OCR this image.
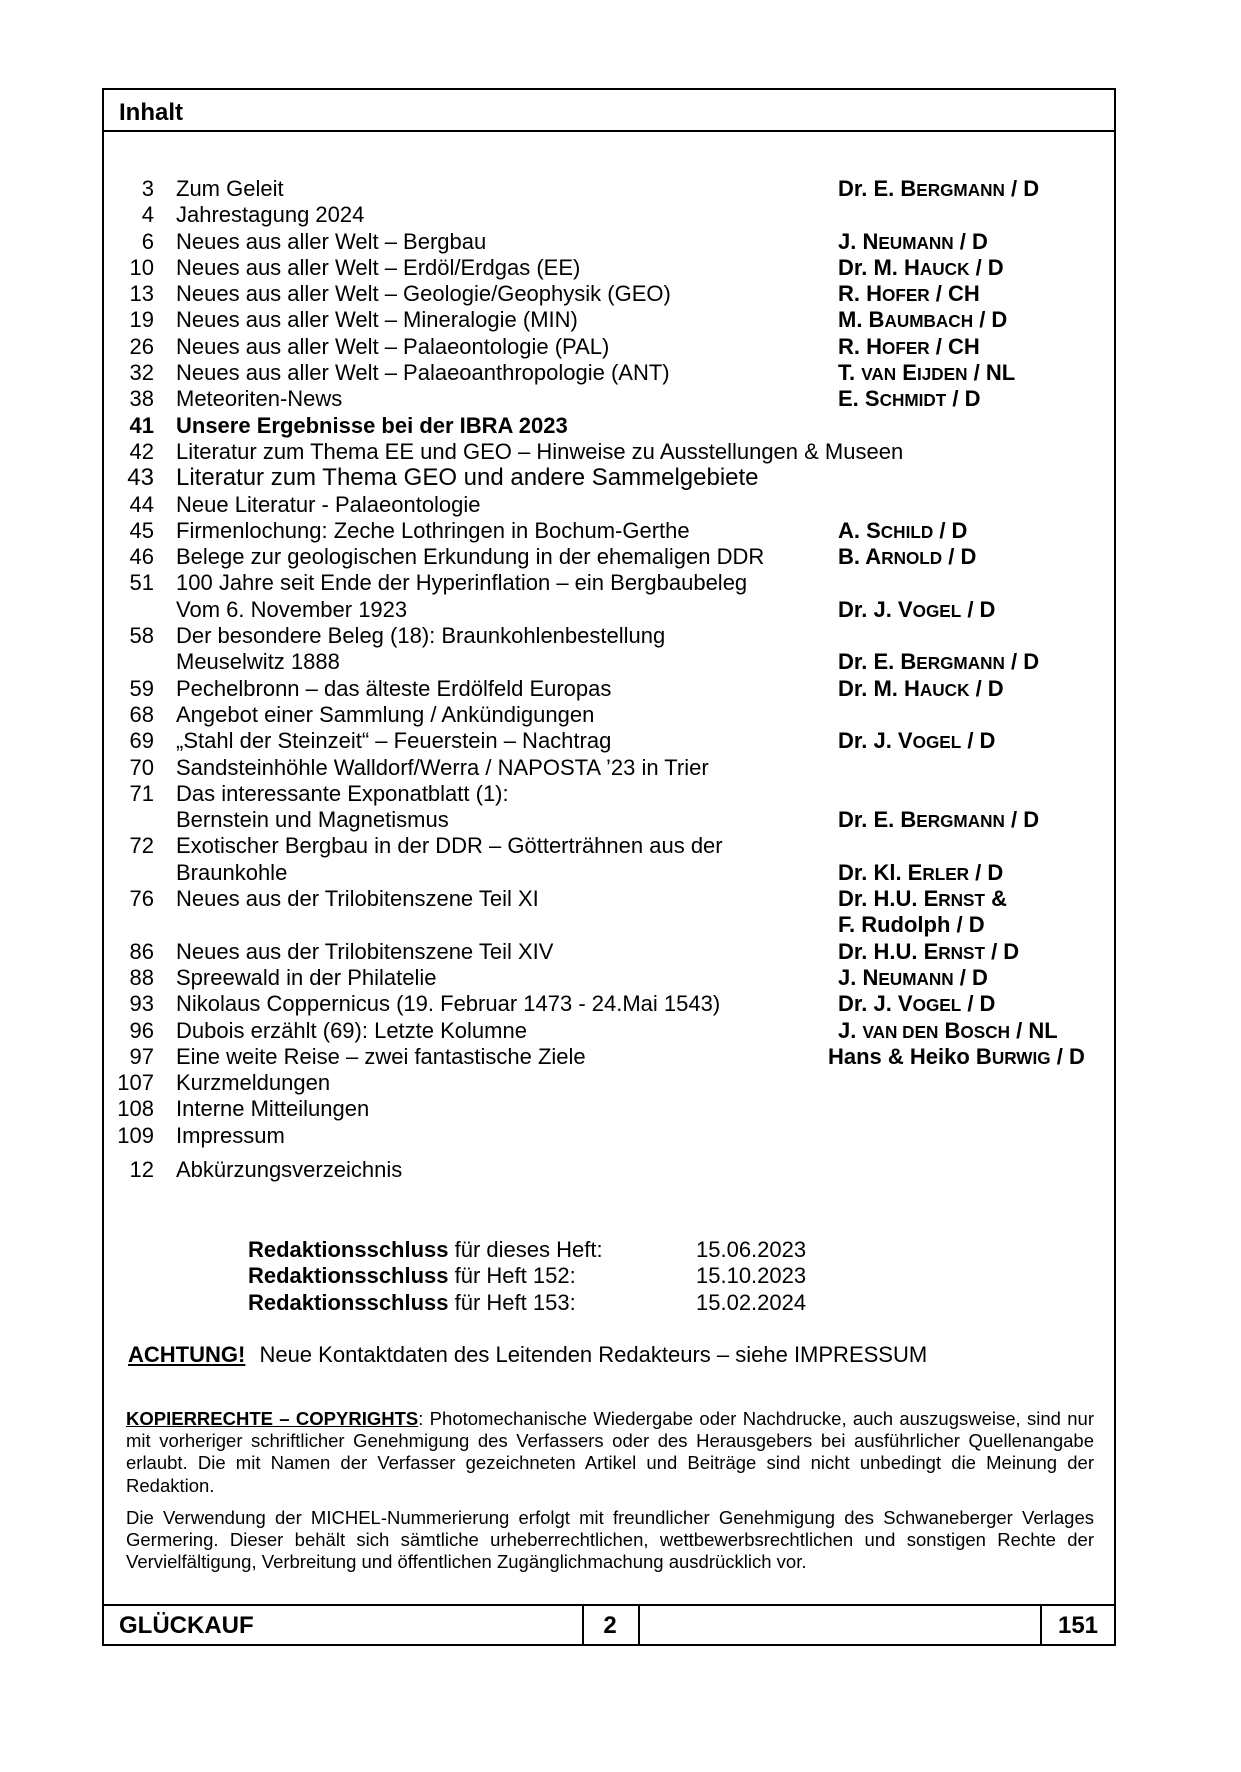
Inhalt
3 Zum Geleit	Dr. E. BERGMANN / D
4 Jahrestagung 2024
6 Neues aus aller Welt – Bergbau	J. NEUMANN / D
10 Neues aus aller Welt – Erdöl/Erdgas (EE)	Dr. M. HAUCK / D
13 Neues aus aller Welt – Geologie/Geophysik (GEO)	R. HOFER / CH
19 Neues aus aller Welt – Mineralogie (MIN)	M. BAUMBACH / D
26 Neues aus aller Welt – Palaeontologie (PAL)	R. HOFER / CH
32 Neues aus aller Welt – Palaeoanthropologie (ANT)	T. VAN EIJDEN / NL
38 Meteoriten-News	E. SCHMIDT / D
41 Unsere Ergebnisse bei der IBRA 2023
42 Literatur zum Thema EE und GEO – Hinweise zu Ausstellungen & Museen
43 Literatur zum Thema GEO und andere Sammelgebiete
44 Neue Literatur - Palaeontologie
45 Firmenlochung: Zeche Lothringen in Bochum-Gerthe	A. SCHILD / D
46 Belege zur geologischen Erkundung in der ehemaligen DDR	B. ARNOLD / D
51 100 Jahre seit Ende der Hyperinflation – ein Bergbaubeleg
Vom 6. November 1923	Dr. J. VOGEL / D
58 Der besondere Beleg (18): Braunkohlenbestellung
Meuselwitz 1888	Dr. E. BERGMANN / D
59 Pechelbronn – das älteste Erdölfeld Europas	Dr. M. HAUCK / D
68 Angebot einer Sammlung / Ankündigungen
69 „Stahl der Steinzeit“ – Feuerstein – Nachtrag	Dr. J. VOGEL / D
70 Sandsteinhöhle Walldorf/Werra / NAPOSTA ’23 in Trier
71 Das interessante Exponatblatt (1):
Bernstein und Magnetismus	Dr. E. BERGMANN / D
72 Exotischer Bergbau in der DDR – Götterträhnen aus der
Braunkohle	Dr. Kl. ERLER / D
76 Neues aus der Trilobitenszene Teil XI	Dr. H.U. ERNST &
F. Rudolph / D
86 Neues aus der Trilobitenszene Teil XIV	Dr. H.U. ERNST / D
88 Spreewald in der Philatelie	J. NEUMANN / D
93 Nikolaus Coppernicus (19. Februar 1473 - 24.Mai 1543)	Dr. J. VOGEL / D
96 Dubois erzählt (69): Letzte Kolumne	J. VAN DEN BOSCH / NL
97 Eine weite Reise – zwei fantastische Ziele	Hans & Heiko BURWIG / D
107 Kurzmeldungen
108 Interne Mitteilungen
109 Impressum
12 Abkürzungsverzeichnis
Redaktionsschluss für dieses Heft:	15.06.2023
Redaktionsschluss für Heft 152:	15.10.2023
Redaktionsschluss für Heft 153:	15.02.2024
ACHTUNG! Neue Kontaktdaten des Leitenden Redakteurs – siehe IMPRESSUM

KOPIERRECHTE – COPYRIGHTS: Photomechanische Wiedergabe oder Nachdrucke, auch auszugsweise, sind nur mit vorheriger schriftlicher Genehmigung des Verfassers oder des Herausgebers bei ausführlicher Quellenangabe erlaubt. Die mit Namen der Verfasser gezeichneten Artikel und Beiträge sind nicht unbedingt die Meinung der Redaktion.

Die Verwendung der MICHEL-Nummerierung erfolgt mit freundlicher Genehmigung des Schwaneberger Verlages Germering. Dieser behält sich sämtliche urheberrechtlichen, wettbewerbsrechtlichen und sonstigen Rechte der Vervielfältigung, Verbreitung und öffentlichen Zugänglichmachung ausdrücklich vor.

GLÜCKAUF	2	151
